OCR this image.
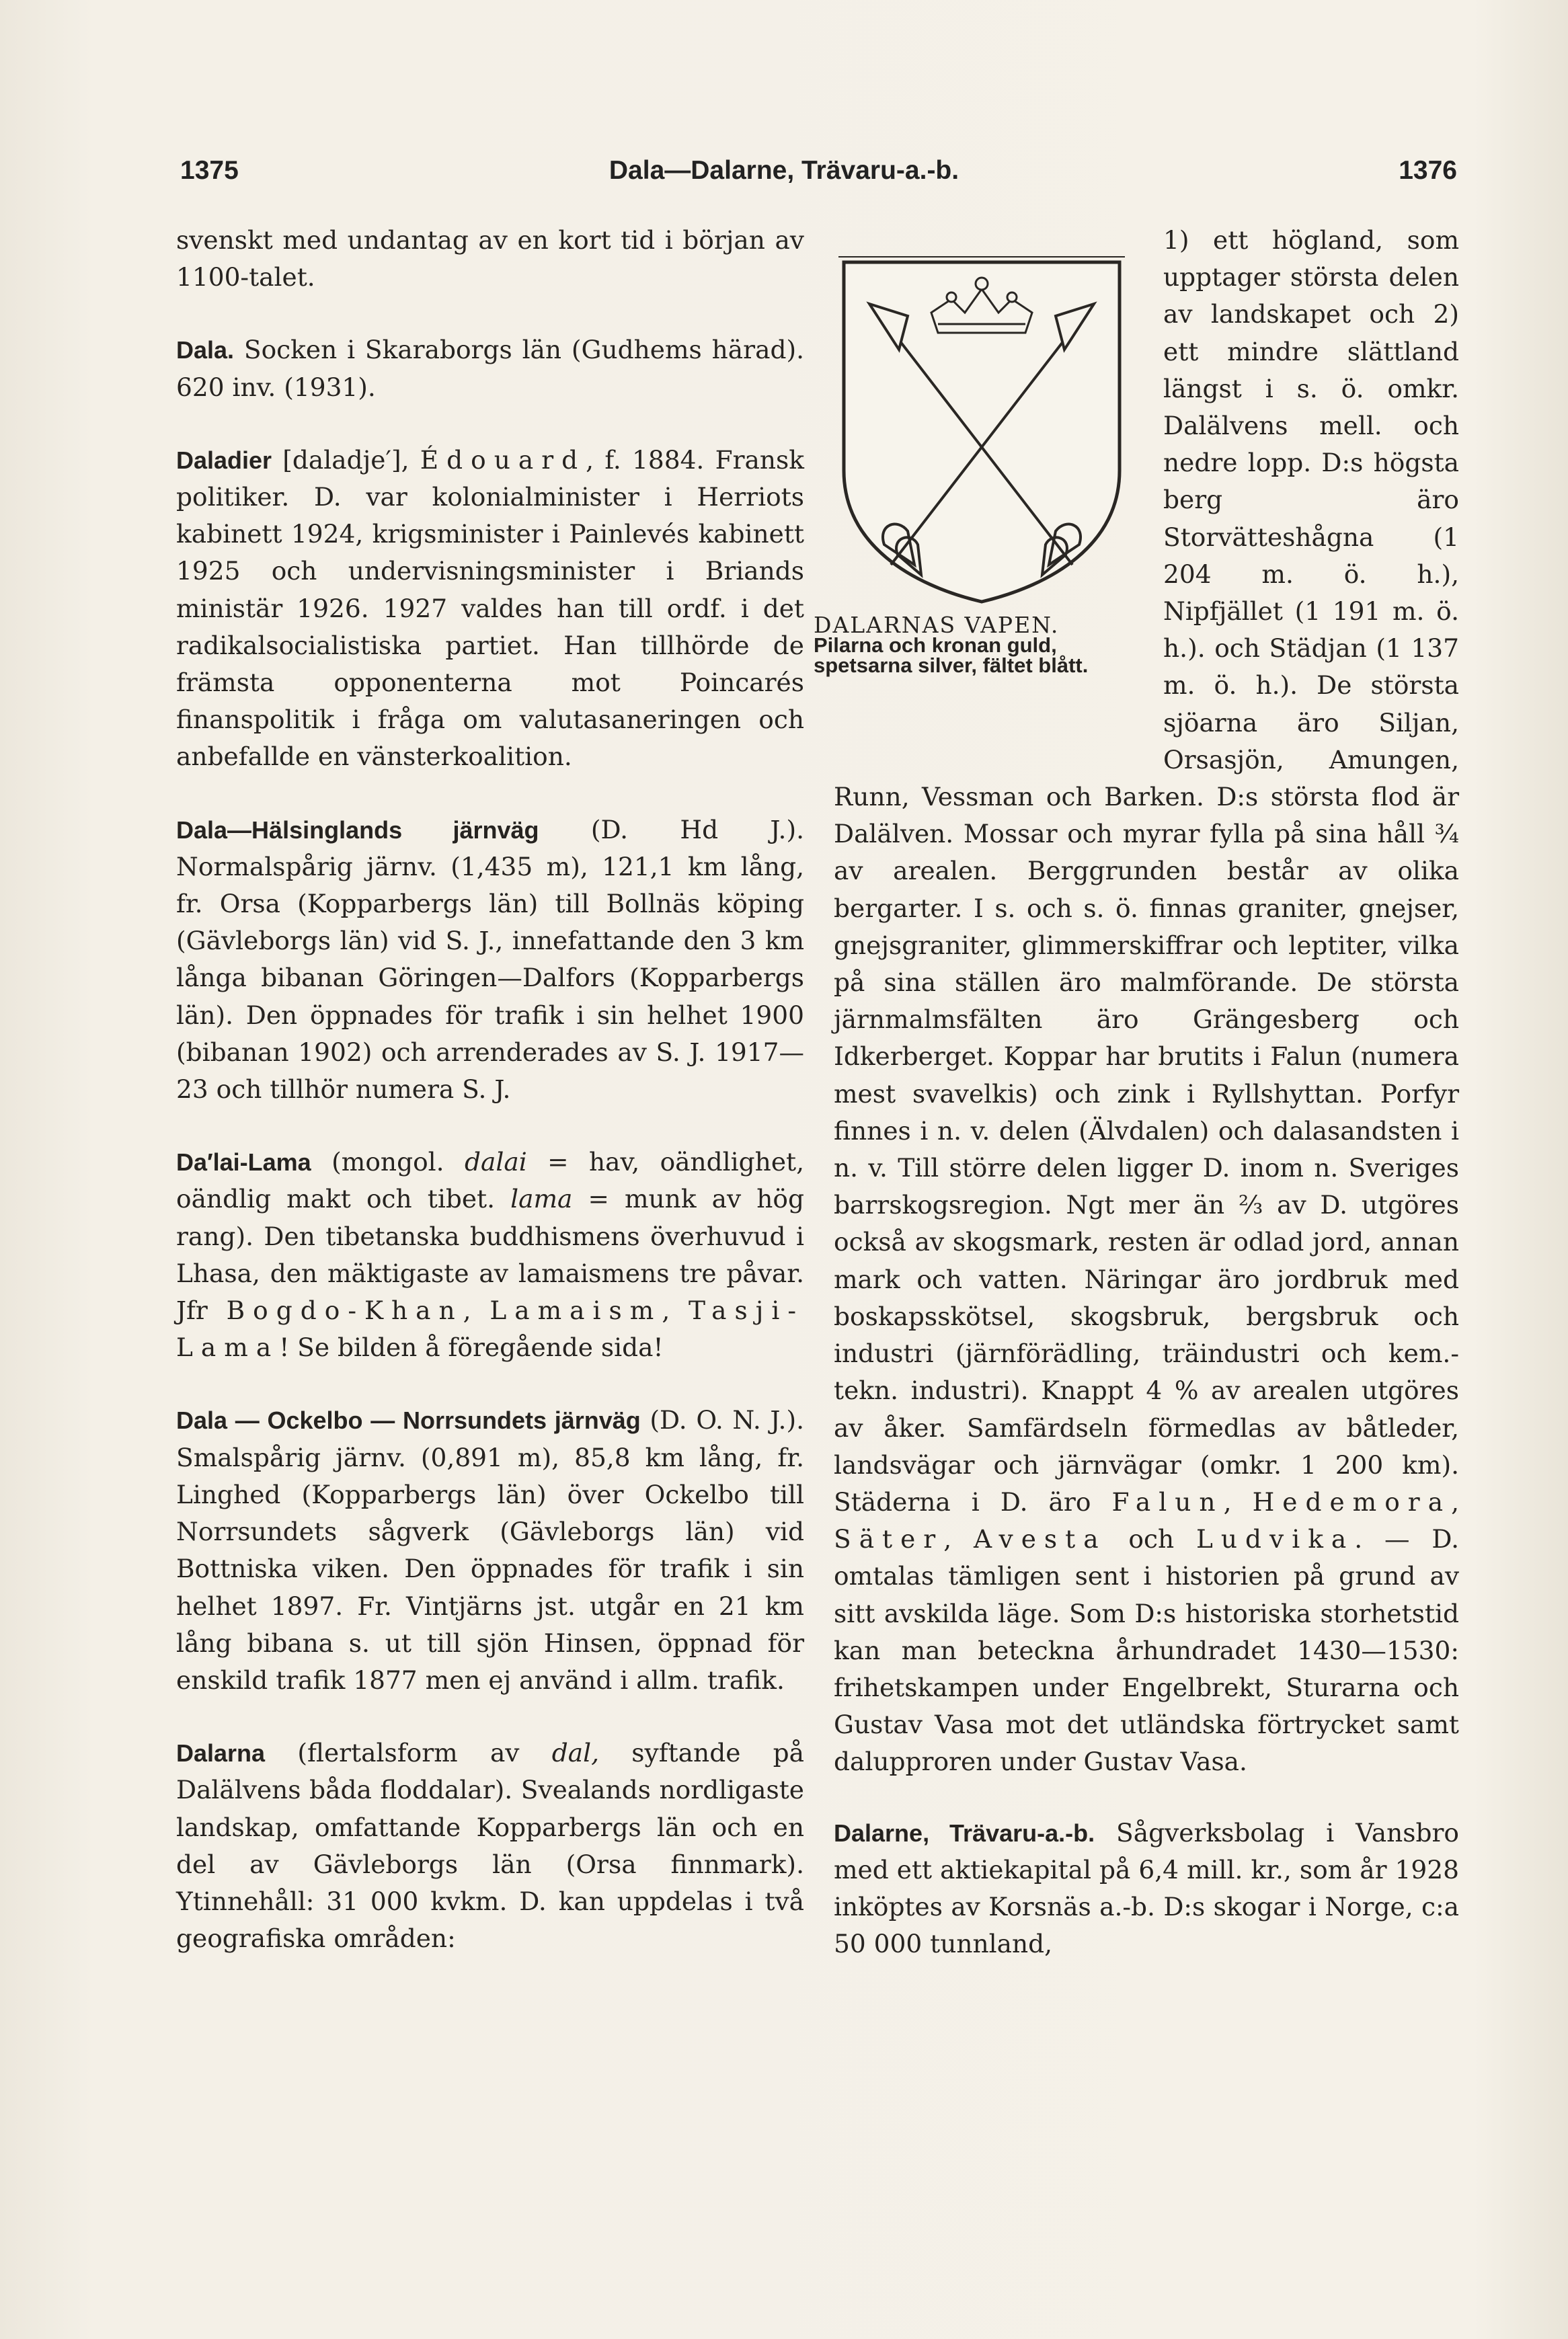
1375	Dala—Dalarne, Trävaru-a.-b.	1376

svenskt med undantag av en kort tid i början av 1100-talet.

Dala. Socken i Skaraborgs län (Gudhems härad). 620 inv. (1931).

Daladier [daladje′], Édouard, f. 1884. Fransk politiker. D. var kolonialminister i Herriots kabinett 1924, krigsminister i Painlevés kabinett 1925 och undervisningsminister i Briands ministär 1926. 1927 valdes han till ordf. i det radikalsocialistiska partiet. Han tillhörde de främsta opponenterna mot Poincarés finanspolitik i fråga om valutasaneringen och anbefallde en vänsterkoalition.

Dala—Hälsinglands järnväg (D. Hd J.). Normalspårig järnv. (1,435 m), 121,1 km lång, fr. Orsa (Kopparbergs län) till Bollnäs köping (Gävleborgs län) vid S. J., innefattande den 3 km långa bibanan Göringen—Dalfors (Kopparbergs län). Den öppnades för trafik i sin helhet 1900 (bibanan 1902) och arrenderades av S. J. 1917—23 och tillhör numera S. J.

Da′lai-Lama (mongol. dalai = hav, oändlighet, oändlig makt och tibet. lama = munk av hög rang). Den tibetanska buddhismens överhuvud i Lhasa, den mäktigaste av lamaismens tre påvar. Jfr Bogdo-Khan, Lamaism, Tasji-Lama! Se bilden å föregående sida!

Dala — Ockelbo — Norrsundets järnväg (D. O. N. J.). Smalspårig järnv. (0,891 m), 85,8 km lång, fr. Linghed (Kopparbergs län) över Ockelbo till Norrsundets sågverk (Gävleborgs län) vid Bottniska viken. Den öppnades för trafik i sin helhet 1897. Fr. Vintjärns jst. utgår en 21 km lång bibana s. ut till sjön Hinsen, öppnad för enskild trafik 1877 men ej använd i allm. trafik.

Dalarna (flertalsform av dal, syftande på Dalälvens båda floddalar). Svealands nordligaste landskap, omfattande Kopparbergs län och en del av Gävleborgs län (Orsa finnmark). Ytinnehåll: 31 000 kvkm. D. kan uppdelas i två geografiska områden:

DALARNAS VAPEN.
Pilarna och kronan guld, spetsarna silver, fältet blått.

1) ett högland, som upptager största delen av landskapet och 2) ett mindre slättland längst i s. ö. omkr. Dalälvens mell. och nedre lopp. D:s högsta berg äro Storvätteshågna (1 204 m. ö. h.), Nipfjället (1 191 m. ö. h.). och Städjan (1 137 m. ö. h.). De största sjöarna äro Siljan, Orsasjön, Amungen, Runn, Vessman och Barken. D:s största flod är Dalälven. Mossar och myrar fylla på sina håll ¾ av arealen. Berggrunden består av olika bergarter. I s. och s. ö. finnas graniter, gnejser, gnejsgraniter, glimmerskiffrar och leptiter, vilka på sina ställen äro malmförande. De största järnmalmsfälten äro Grängesberg och Idkerberget. Koppar har brutits i Falun (numera mest svavelkis) och zink i Ryllshyttan. Porfyr finnes i n. v. delen (Älvdalen) och dalasandsten i n. v. Till större delen ligger D. inom n. Sveriges barrskogsregion. Ngt mer än ⅔ av D. utgöres också av skogsmark, resten är odlad jord, annan mark och vatten. Näringar äro jordbruk med boskapsskötsel, skogsbruk, bergsbruk och industri (järnförädling, träindustri och kem.-tekn. industri). Knappt 4 % av arealen utgöres av åker. Samfärdseln förmedlas av båtleder, landsvägar och järnvägar (omkr. 1 200 km). Städerna i D. äro Falun, Hedemora, Säter, Avesta och Ludvika. — D. omtalas tämligen sent i historien på grund av sitt avskilda läge. Som D:s historiska storhetstid kan man beteckna århundradet 1430—1530: frihetskampen under Engelbrekt, Sturarna och Gustav Vasa mot det utländska förtrycket samt dalupproren under Gustav Vasa.

Dalarne, Trävaru-a.-b. Sågverksbolag i Vansbro med ett aktiekapital på 6,4 mill. kr., som år 1928 inköptes av Korsnäs a.-b. D:s skogar i Norge, c:a 50 000 tunnland,
